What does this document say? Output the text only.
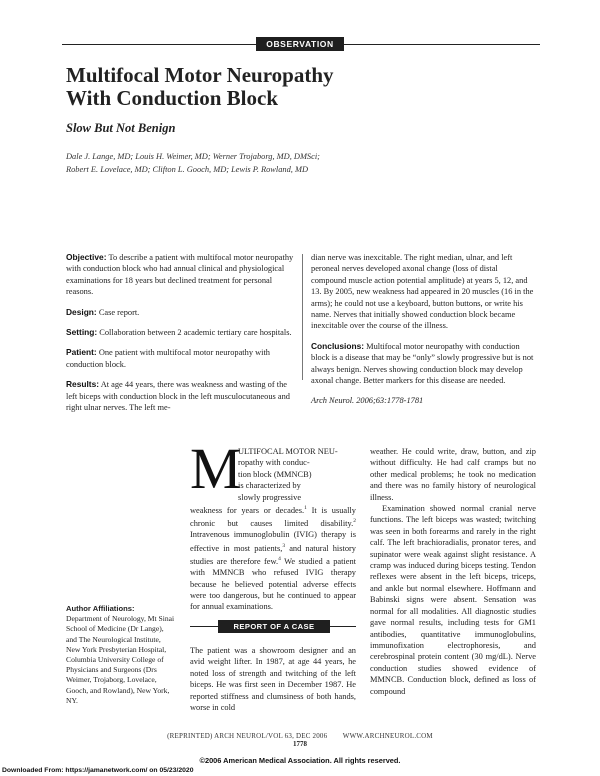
OBSERVATION
Multifocal Motor Neuropathy
With Conduction Block
Slow But Not Benign
Dale J. Lange, MD; Louis H. Weimer, MD; Werner Trojaborg, MD, DMSci;
Robert E. Lovelace, MD; Clifton L. Gooch, MD; Lewis P. Rowland, MD

Objective: To describe a patient with multifocal motor neuropathy with conduction block who had annual clinical and physiological examinations for 18 years but declined treatment for personal reasons.

Design: Case report.

Setting: Collaboration between 2 academic tertiary care hospitals.

Patient: One patient with multifocal motor neuropathy with conduction block.

Results: At age 44 years, there was weakness and wasting of the left biceps with conduction block in the left musculocutaneous and right ulnar nerves. The left me-

dian nerve was inexcitable. The right median, ulnar, and left peroneal nerves developed axonal change (loss of distal compound muscle action potential amplitude) at years 5, 12, and 13. By 2005, new weakness had appeared in 20 muscles (16 in the arms); he could not use a keyboard, button buttons, or write his name. Nerves that initially showed conduction block became inexcitable over the course of the illness.

Conclusions: Multifocal motor neuropathy with conduction block is a disease that may be “only” slowly progressive but is not always benign. Nerves showing conduction block may develop axonal change. Better markers for this disease are needed.

Arch Neurol. 2006;63:1778-1781

M
ULTIFOCAL MOTOR NEU-
ropathy with conduc-
tion block (MMNCB)
is characterized by
slowly progressive
weakness for years or decades.$^1$ It is usually chronic but causes limited disability.$^2$ Intravenous immunoglobulin (IVIG) therapy is effective in most patients,$^3$ and natural history studies are therefore few.$^4$ We studied a patient with MMNCB who refused IVIG therapy because he believed potential adverse effects were too dangerous, but he continued to appear for annual examinations.
Author Affiliations:
Department of Neurology, Mt Sinai School of Medicine (Dr Lange), and The Neurological Institute, New York Presbyterian Hospital, Columbia University College of Physicians and Surgeons (Drs Weimer, Trojaborg, Lovelace, Gooch, and Rowland), New York, NY.
REPORT OF A CASE
The patient was a showroom designer and an avid weight lifter. In 1987, at age 44 years, he noted loss of strength and twitching of the left biceps. He was first seen in December 1987. He reported stiffness and clumsiness of both hands, worse in cold

weather. He could write, draw, button, and zip without difficulty. He had calf cramps but no other medical problems; he took no medication and there was no family history of neurological illness.

Examination showed normal cranial nerve functions. The left biceps was wasted; twitching was seen in both forearms and rarely in the right calf. The left brachioradialis, pronator teres, and supinator were weak against slight resistance. A cramp was induced during biceps testing. Tendon reflexes were absent in the left biceps, triceps, and ankle but normal elsewhere. Hoffmann and Babinski signs were absent. Sensation was normal for all modalities. All diagnostic studies gave normal results, including tests for GM1 antibodies, quantitative immunoglobulins, immunofixation electrophoresis, and cerebrospinal protein content (30 mg/dL). Nerve conduction studies showed evidence of MMNCB. Conduction block, defined as loss of compound

(REPRINTED) ARCH NEUROL/VOL 63, DEC 2006        WWW.ARCHNEUROL.COM
1778
©2006 American Medical Association. All rights reserved.
Downloaded From: https://jamanetwork.com/ on 05/23/2020
